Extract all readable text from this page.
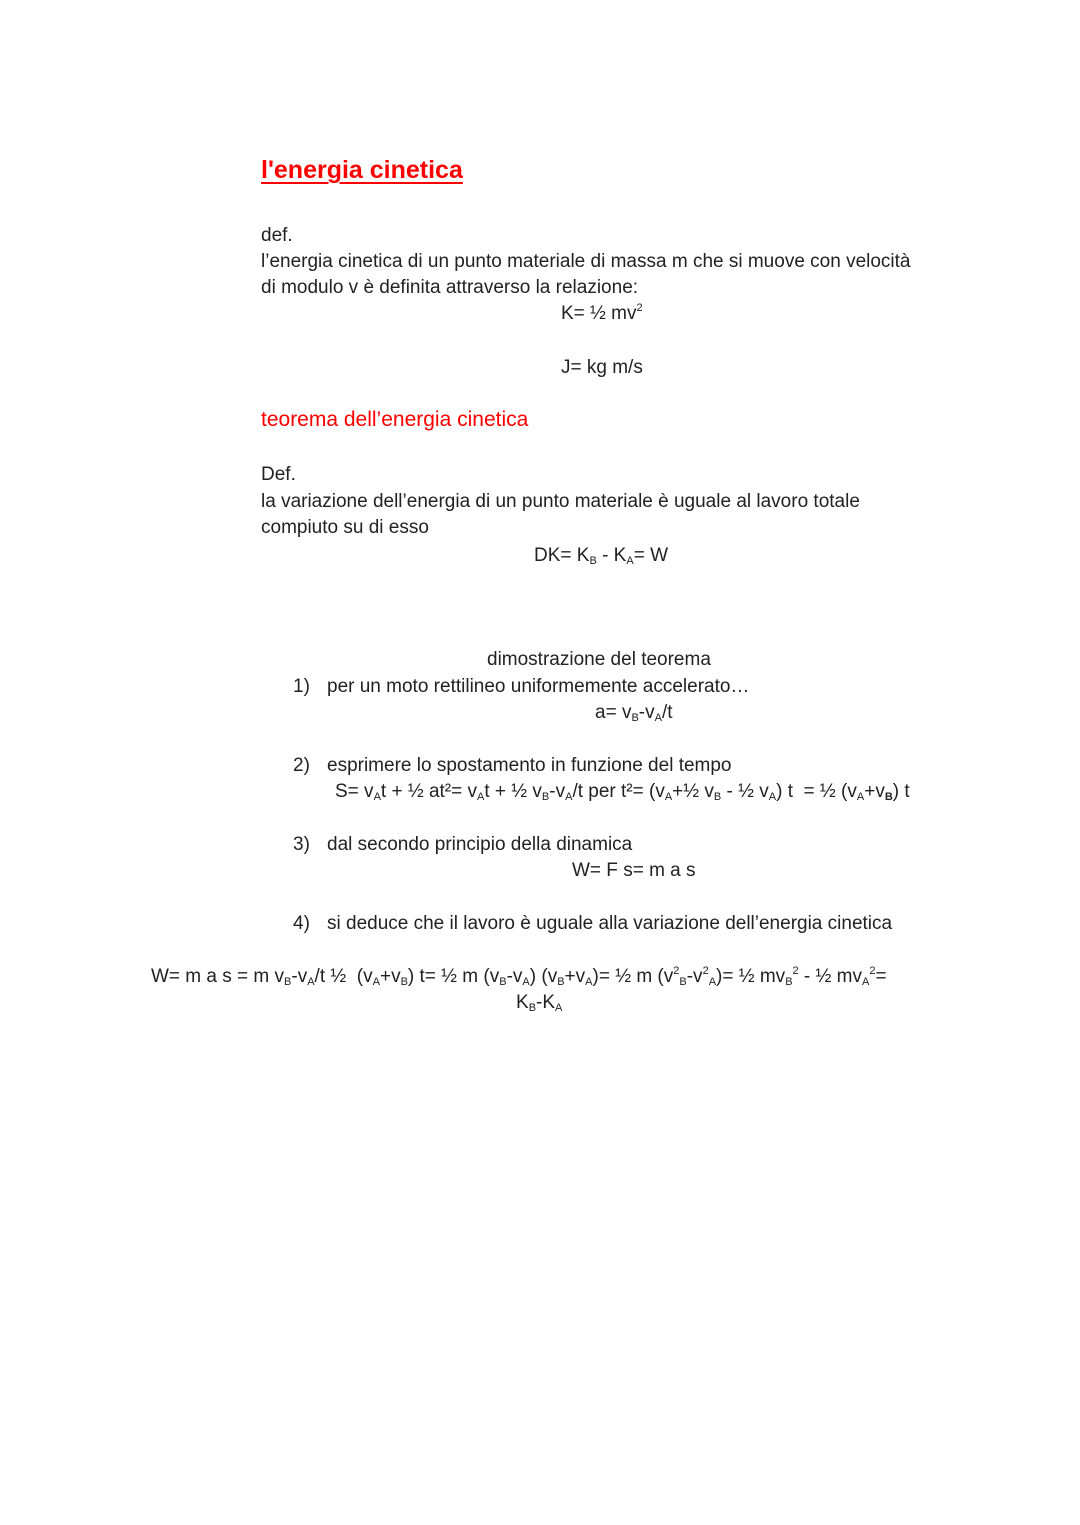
l'energia cinetica
def.
l’energia cinetica di un punto materiale di massa m che si muove con velocità
di modulo v è definita attraverso la relazione:
K= ½ $mv^2$
J= kg m/s
teorema dell’energia cinetica
Def.
la variazione dell’energia di un punto materiale è uguale al lavoro totale
compiuto su di esso
$DK= K_B - K_A= W$
dimostrazione del teorema
1) per un moto rettilineo uniformemente accelerato…
$a= v_B-v_A/t$
2) esprimere lo spostamento in funzione del tempo
$S= v_At$ + ½ $at^2= v_At$ + ½ $v_B-v_A/t$ per $t^2= (v_A+\frac{1}{2}$ $v_B$ - ½ $v_A$) t  = ½ $(v_A+v_B)$ t
3) dal secondo principio della dinamica
W= F s= m a s
4) si deduce che il lavoro è uguale alla variazione dell’energia cinetica
W= m a s = m $v_B-v_A/t$ ½  $(v_A+v_B)$ t= ½ m $(v_B-v_A)$ $(v_B+v_A)=$ ½ m $(v^2_B-v^2_A)=$ ½ $mv_B^2$ - ½ $mv_A^2=$
$K_B-K_A$
